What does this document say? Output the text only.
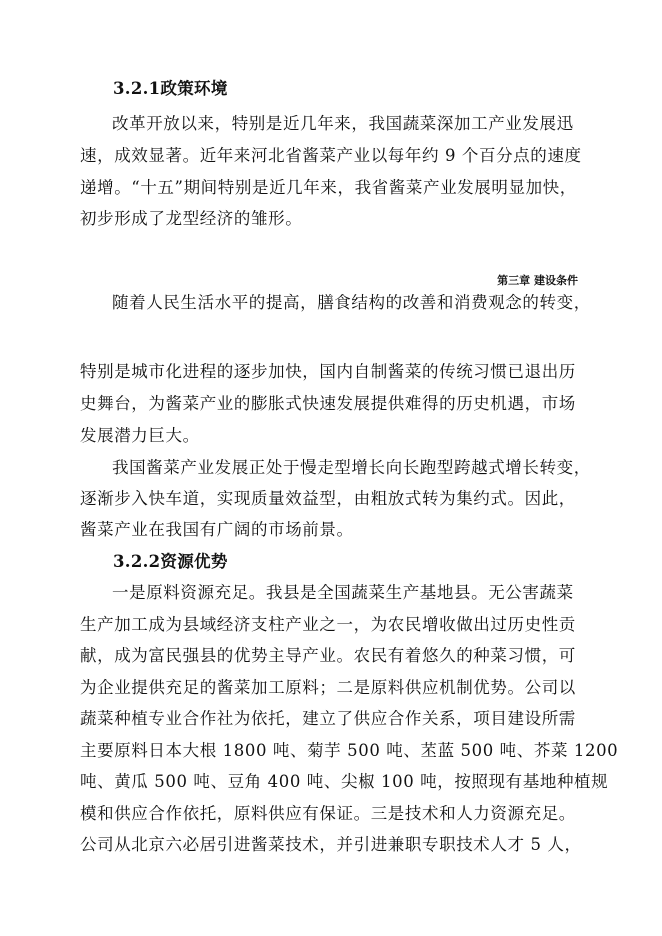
3.2.1政策环境
改革开放以来，特别是近几年来，我国蔬菜深加工产业发展迅
速，成效显著。近年来河北省酱菜产业以每年约 9 个百分点的速度
递增。“十五”期间特别是近几年来，我省酱菜产业发展明显加快，
初步形成了龙型经济的雏形。
第三章 建设条件
随着人民生活水平的提高，膳食结构的改善和消费观念的转变，
特别是城市化进程的逐步加快，国内自制酱菜的传统习惯已退出历
史舞台，为酱菜产业的膨胀式快速发展提供难得的历史机遇，市场
发展潜力巨大。
我国酱菜产业发展正处于慢走型增长向长跑型跨越式增长转变，
逐渐步入快车道，实现质量效益型，由粗放式转为集约式。因此，
酱菜产业在我国有广阔的市场前景。
3.2.2资源优势
一是原料资源充足。我县是全国蔬菜生产基地县。无公害蔬菜
生产加工成为县域经济支柱产业之一，为农民增收做出过历史性贡
献，成为富民强县的优势主导产业。农民有着悠久的种菜习惯，可
为企业提供充足的酱菜加工原料；二是原料供应机制优势。公司以
蔬菜种植专业合作社为依托，建立了供应合作关系，项目建设所需
主要原料日本大根 1800 吨、菊芋 500 吨、苤蓝 500 吨、芥菜 1200
吨、黄瓜 500 吨、豆角 400 吨、尖椒 100 吨，按照现有基地种植规
模和供应合作依托，原料供应有保证。三是技术和人力资源充足。
公司从北京六必居引进酱菜技术，并引进兼职专职技术人才 5 人，
